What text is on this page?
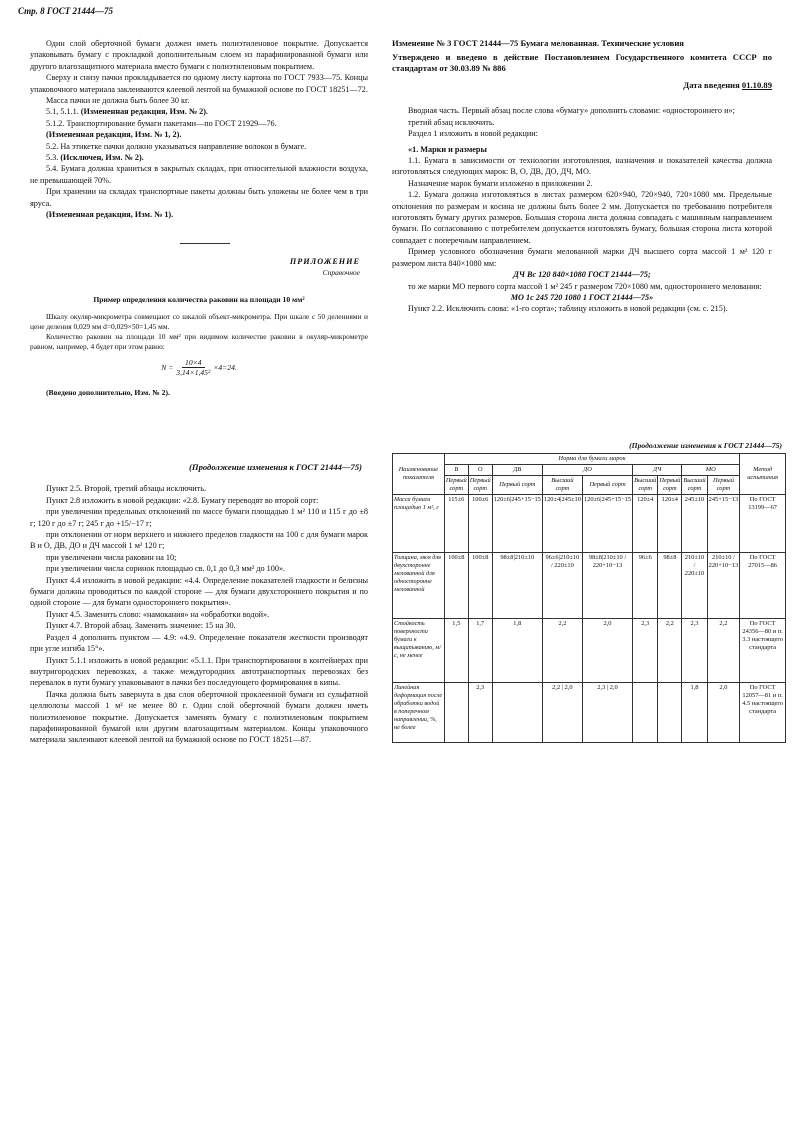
Стр. 8 ГОСТ 21444—75

Один слой оберточной бумаги должен иметь полиэтиленовое покрытие. Допускается упаковывать бумагу с прокладкой дополнительным слоем из парафинированной бумаги или другого влагозащитного материала вместо бумаги с полиэтиленовым покрытием.

Сверху и снизу пачки прокладывается по одному листу картона по ГОСТ 7933—75. Концы упаковочного материала заклеиваются клеевой лентой на бумажной основе по ГОСТ 18251—72.

Масса пачки не должна быть более 30 кг.

5.1, 5.1.1. (Измененная редакция, Изм. № 2).

5.1.2. Транспортирование бумаги пакетами—по ГОСТ 21929—76.

(Измененная редакция, Изм. № 1, 2).

5.2. На этикетке пачки должно указываться направление волокон в бумаге.

5.3. (Исключен, Изм. № 2).

5.4. Бумага должна храниться в закрытых складах, при относительной влажности воздуха, не превышающей 70%.

При хранении на складах транспортные пакеты должны быть уложены не более чем в три яруса.

(Измененная редакция, Изм. № 1).

ПРИЛОЖЕНИЕ
Справочное
Пример определения количества раковин на площади 10 мм²

Шкалу окуляр-микрометра совмещают со шкалой объект-микрометра. При шкале с 50 делениями и цене деления 0,029 мм d=0,029×50=1,45 мм.

Количество раковин на площади 10 мм² при видимом количестве раковин в окуляр-микрометре равном, например, 4 будет при этом равно:

$N = \frac{10\times 4}{\text{3,14×1,45²}} \times 4=24$.
(Введено дополнительно, Изм. № 2).
Изменение № 3 ГОСТ 21444—75 Бумага мелованная. Технические условия
Утверждено и введено в действие Постановлением Государственного комитета СССР по стандартам от 30.03.89 № 886
Дата введения 01.10.89

Вводная часть. Первый абзац после слова «бумагу» дополнить словами: «одностороннего и»;

третий абзац исключить.

Раздел 1 изложить в новой редакции:

«1. Марки и размеры

1.1. Бумага в зависимости от технологии изготовления, назначения и показателей качества должна изготовляться следующих марок: В, О, ДВ, ДО, ДЧ, МО.

Назначение марок бумаги изложено в приложении 2.

1.2. Бумага должна изготовляться в листах размером 620×940, 720×940, 720×1080 мм. Предельные отклонения по размерам и косина не должны быть более 2 мм. Допускается по требованию потребителя изготовлять бумагу других размеров. Большая сторона листа должна совпадать с машинным направлением бумаги. По согласованию с потребителем допускается изготовлять бумагу, большая сторона листа которой совпадает с поперечным направлением.

Пример условного обозначения бумаги мелованной марки ДЧ высшего сорта массой 1 м² 120 г размером листа 840×1080 мм:

ДЧ Вс 120 840×1080 ГОСТ 21444—75;

то же марки МО первого сорта массой 1 м² 245 г размером 720×1080 мм, одностороннего мелования:

МО 1с 245 720 1080 1 ГОСТ 21444—75»

Пункт 2.2. Исключить слова: «1-го сорта»; таблицу изложить в новой редакции (см. с. 215).

(Продолжение изменения к ГОСТ 21444—75)

Пункт 2.5. Второй, третий абзацы исключить.

Пункт 2.8 изложить в новой редакции: «2.8. Бумагу переводят во второй сорт:

при увеличении предельных отклонений по массе бумаги площадью 1 м² 110 и 115 г до ±8 г; 120 г до ±7 г; 245 г до +15/−17 г;

при отклонении от норм верхнего и нижнего пределов гладкости на 100 с для бумаги марок В и О, ДВ, ДО и ДЧ массой 1 м² 120 г;

при увеличении числа раковин на 10;

при увеличении числа соринок площадью св. 0,1 до 0,3 мм² до 100».

Пункт 4.4 изложить в новой редакции: «4.4. Определение показателей гладкости и белизны бумаги должны проводиться по каждой стороне — для бумаги двухстороннего покрытия и по одной стороне — для бумаги одностороннего покрытия».

Пункт 4.5. Заменить слово: «намокания» на «обработки водой».

Пункт 4.7. Второй абзац. Заменить значение: 15 на 30.

Раздел 4 дополнить пунктом — 4.9: «4.9. Определение показателя жесткости производят при угле изгиба 15°».

Пункт 5.1.1 изложить в новой редакции: «5.1.1. При транспортировании в контейнерах при внутригородских перевозках, а также междугородних автотранспортных перевозках без перевалок в пути бумагу упаковывают в пачки без последующего формирования в кипы.

Пачка должна быть завернута в два слоя оберточной проклеенной бумаги из сульфатной целлюлозы массой 1 м² не менее 80 г. Один слой оберточной бумаги должен иметь полиэтиленовое покрытие. Допускается заменять бумагу с полиэтиленовым покрытием парафинированной бумагой или другим влагозащитным материалом. Концы упаковочного материала заклеивают клеевой лентой на бумажной основе по ГОСТ 18251—87.

(Продолжение изменения к ГОСТ 21444—75)
Наименование показателя	Норма для бумаги марок									Метод испытания
	В	О	ДВ	ДО		ДЧ		МО		
	Первый сорт	Первый сорт	Первый сорт	Высший сорт	Первый сорт	Высший сорт	Первый сорт	Высший сорт	Первый сорт	
Масса бумаги площадью 1 м², г	115±6	100±6	120±6|245+15−15	120±4|245±10	120±6|245+15−15	120±4	120±4	245±10	245+15−13	По ГОСТ 13199—67
Толщина, мкм для двухсторонне мелованной для односторонне мелованной	100±8	100±8	98±8|210±10	96±6|210±10 / 220±10	98±8|210±10 / 220+10−13	96±6	98±8	210±10 / 220±10	210±10 / 220+10−13	По ГОСТ 27015—86
Стойкость поверхности бумаги к выщипыванию, м/с, не менее	1,5	1,7	1,8	2,2	2,0	2,3	2,2	2,3	2,2	По ГОСТ 24356—80 и п. 3.3 настоящего стандарта
Линейная деформация после обработки водой в поперечном направлении, %, не более		2,3		2,2 | 2,0	2,3 | 2,0			1,8	2,0	По ГОСТ 12057—81 и п. 4.5 настоящего стандарта
